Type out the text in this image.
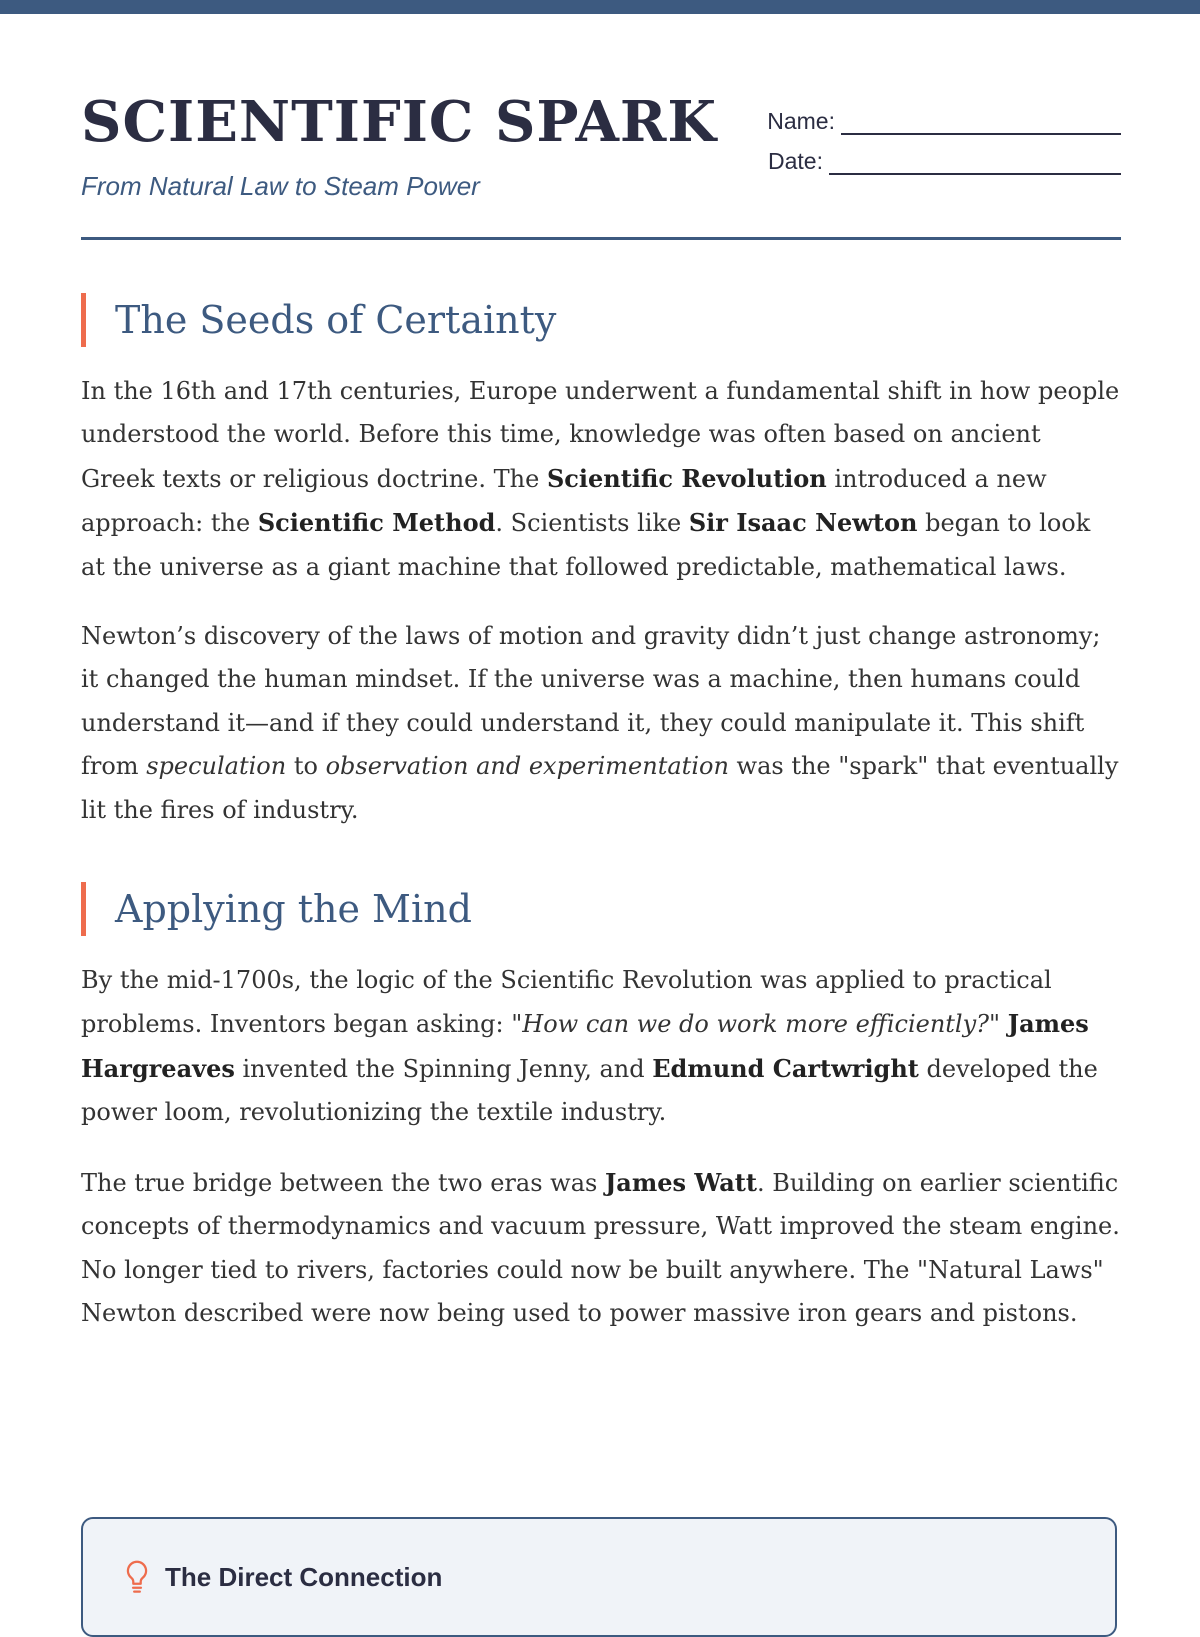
SCIENTIFIC SPARK

From Natural Law to Steam Power

Name:
Date:
The Seeds of Certainty

In the 16th and 17th centuries, Europe underwent a fundamental shift in how people understood the world. Before this time, knowledge was often based on ancient Greek texts or religious doctrine. The Scientific Revolution introduced a new approach: the Scientific Method. Scientists like Sir Isaac Newton began to look at the universe as a giant machine that followed predictable, mathematical laws.

Newton’s discovery of the laws of motion and gravity didn’t just change astronomy; it changed the human mindset. If the universe was a machine, then humans could understand it—and if they could understand it, they could manipulate it. This shift from speculation to observation and experimentation was the "spark" that eventually lit the fires of industry.

Applying the Mind

By the mid-1700s, the logic of the Scientific Revolution was applied to practical problems. Inventors began asking: "How can we do work more efficiently?" James Hargreaves invented the Spinning Jenny, and Edmund Cartwright developed the power loom, revolutionizing the textile industry.

The true bridge between the two eras was James Watt. Building on earlier scientific concepts of thermodynamics and vacuum pressure, Watt improved the steam engine. No longer tied to rivers, factories could now be built anywhere. The "Natural Laws" Newton described were now being used to power massive iron gears and pistons.

The Direct Connection
